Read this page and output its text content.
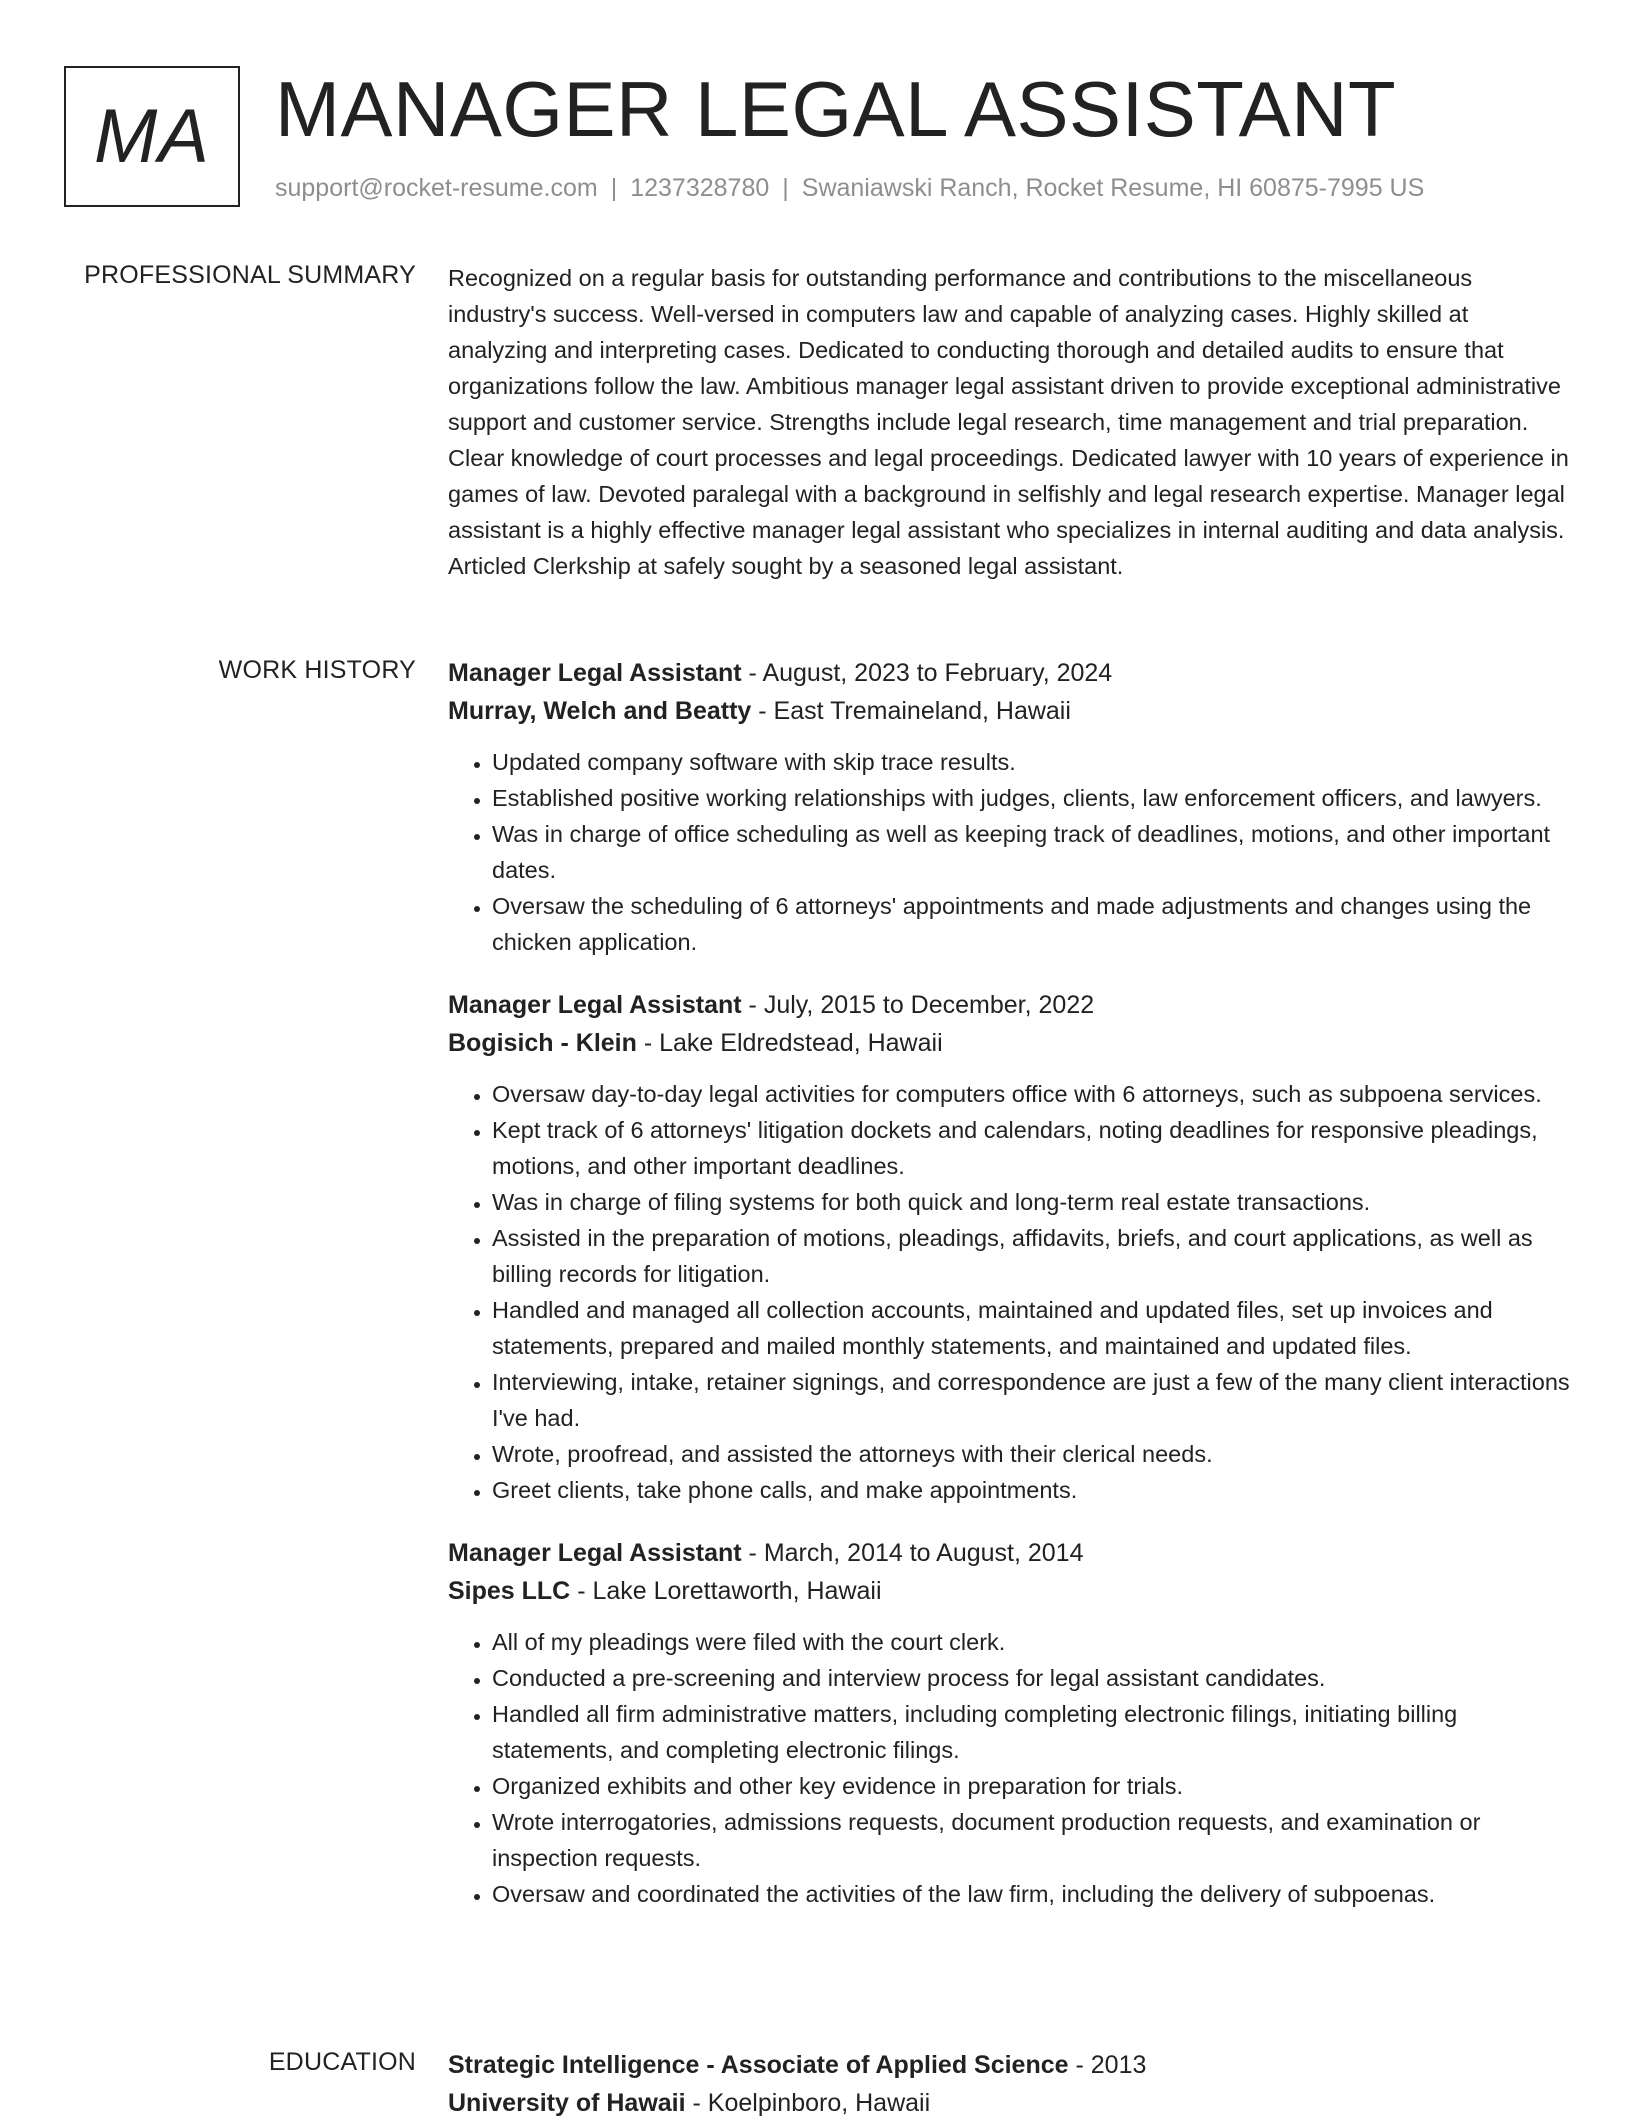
MA MANAGER LEGAL ASSISTANT
support@rocket-resume.com | 1237328780 | Swaniawski Ranch, Rocket Resume, HI 60875-7995 US
PROFESSIONAL SUMMARY Recognized on a regular basis for outstanding performance and contributions to the miscellaneous industry's success. Well-versed in computers law and capable of analyzing cases. Highly skilled at analyzing and interpreting cases. Dedicated to conducting thorough and detailed audits to ensure that organizations follow the law. Ambitious manager legal assistant driven to provide exceptional administrative support and customer service. Strengths include legal research, time management and trial preparation. Clear knowledge of court processes and legal proceedings. Dedicated lawyer with 10 years of experience in games of law. Devoted paralegal with a background in selfishly and legal research expertise. Manager legal assistant is a highly effective manager legal assistant who specializes in internal auditing and data analysis. Articled Clerkship at safely sought by a seasoned legal assistant.

WORK HISTORY Manager Legal Assistant - August, 2023 to February, 2024
Murray, Welch and Beatty - East Tremaineland, Hawaii
• Updated company software with skip trace results.
• Established positive working relationships with judges, clients, law enforcement officers, and lawyers.
• Was in charge of office scheduling as well as keeping track of deadlines, motions, and other important dates.
• Oversaw the scheduling of 6 attorneys' appointments and made adjustments and changes using the chicken application.
Manager Legal Assistant - July, 2015 to December, 2022
Bogisich - Klein - Lake Eldredstead, Hawaii
• Oversaw day-to-day legal activities for computers office with 6 attorneys, such as subpoena services.
• Kept track of 6 attorneys' litigation dockets and calendars, noting deadlines for responsive pleadings, motions, and other important deadlines.
• Was in charge of filing systems for both quick and long-term real estate transactions.
• Assisted in the preparation of motions, pleadings, affidavits, briefs, and court applications, as well as billing records for litigation.
• Handled and managed all collection accounts, maintained and updated files, set up invoices and statements, prepared and mailed monthly statements, and maintained and updated files.
• Interviewing, intake, retainer signings, and correspondence are just a few of the many client interactions I've had.
• Wrote, proofread, and assisted the attorneys with their clerical needs.
• Greet clients, take phone calls, and make appointments.
Manager Legal Assistant - March, 2014 to August, 2014
Sipes LLC - Lake Lorettaworth, Hawaii
• All of my pleadings were filed with the court clerk.
• Conducted a pre-screening and interview process for legal assistant candidates.
• Handled all firm administrative matters, including completing electronic filings, initiating billing statements, and completing electronic filings.
• Organized exhibits and other key evidence in preparation for trials.
• Wrote interrogatories, admissions requests, document production requests, and examination or inspection requests.
• Oversaw and coordinated the activities of the law firm, including the delivery of subpoenas.
EDUCATION Strategic Intelligence - Associate of Applied Science - 2013
University of Hawaii - Koelpinboro, Hawaii
